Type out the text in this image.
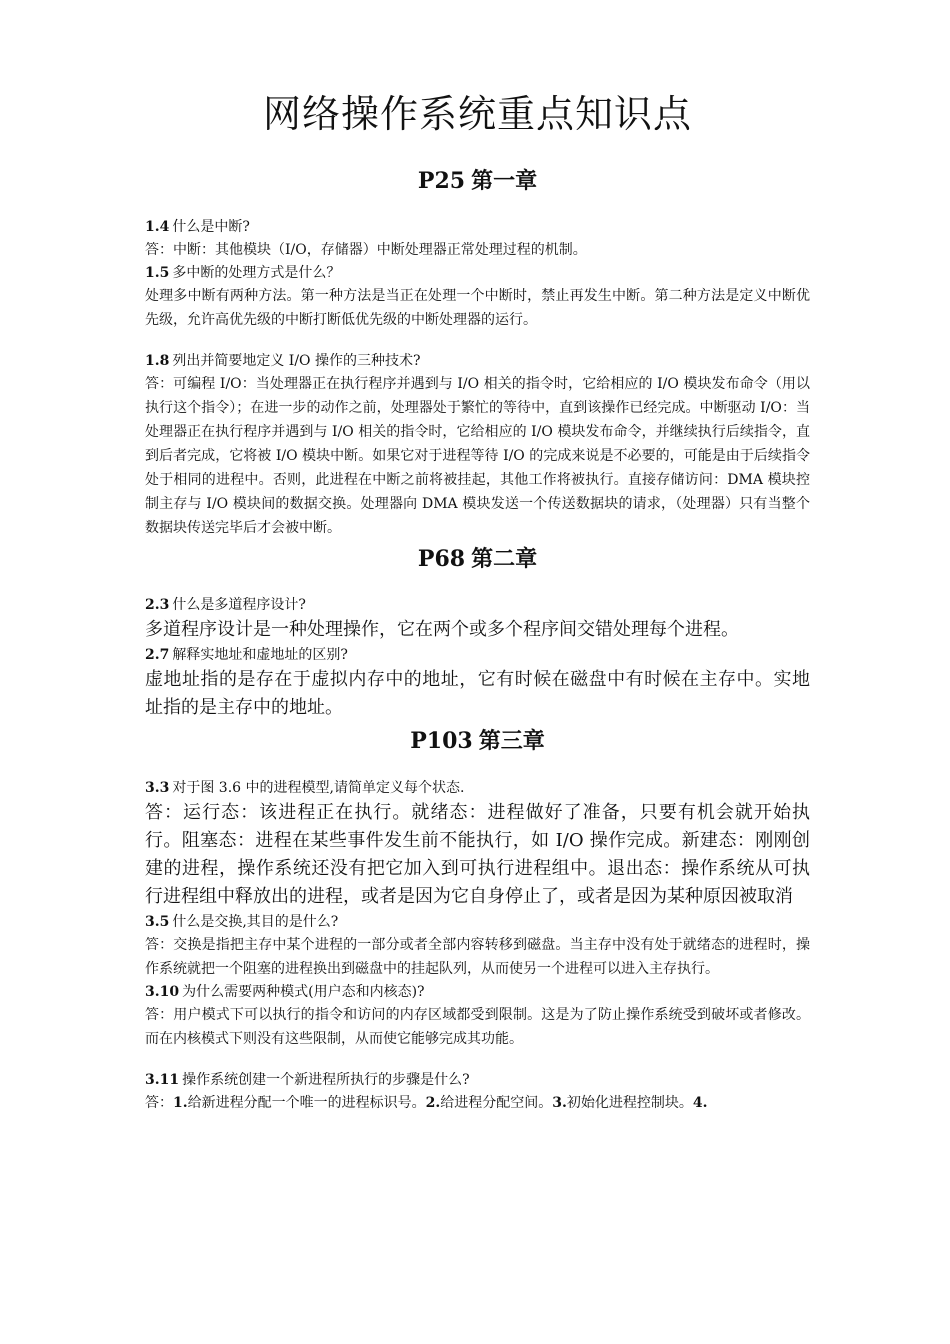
网络操作系统重点知识点
P25 第一章

1.4 什么是中断?

答：中断：其他模块（I/O，存储器）中断处理器正常处理过程的机制。

1.5 多中断的处理方式是什么？

处理多中断有两种方法。第一种方法是当正在处理一个中断时，禁止再发生中断。第二种方法是定义中断优先级，允许高优先级的中断打断低优先级的中断处理器的运行。

1.8 列出并简要地定义 I/O 操作的三种技术?

答：可编程 I/O：当处理器正在执行程序并遇到与 I/O 相关的指令时，它给相应的 I/O 模块发布命令（用以执行这个指令）；在进一步的动作之前，处理器处于繁忙的等待中，直到该操作已经完成。中断驱动 I/O：当处理器正在执行程序并遇到与 I/O 相关的指令时，它给相应的 I/O 模块发布命令，并继续执行后续指令，直到后者完成，它将被 I/O 模块中断。如果它对于进程等待 I/O 的完成来说是不必要的，可能是由于后续指令处于相同的进程中。否则，此进程在中断之前将被挂起，其他工作将被执行。直接存储访问：DMA 模块控制主存与 I/O 模块间的数据交换。处理器向 DMA 模块发送一个传送数据块的请求，（处理器）只有当整个数据块传送完毕后才会被中断。

P68 第二章

2.3 什么是多道程序设计?

多道程序设计是一种处理操作，它在两个或多个程序间交错处理每个进程。

2.7 解释实地址和虚地址的区别?

虚地址指的是存在于虚拟内存中的地址，它有时候在磁盘中有时候在主存中。实地址指的是主存中的地址。

P103 第三章

3.3 对于图 3.6 中的进程模型,请简单定义每个状态.

答：运行态：该进程正在执行。就绪态：进程做好了准备，只要有机会就开始执行。阻塞态：进程在某些事件发生前不能执行，如 I/O 操作完成。新建态：刚刚创建的进程，操作系统还没有把它加入到可执行进程组中。退出态：操作系统从可执行进程组中释放出的进程，或者是因为它自身停止了，或者是因为某种原因被取消

3.5 什么是交换,其目的是什么?

答：交换是指把主存中某个进程的一部分或者全部内容转移到磁盘。当主存中没有处于就绪态的进程时，操作系统就把一个阻塞的进程换出到磁盘中的挂起队列，从而使另一个进程可以进入主存执行。

3.10 为什么需要两种模式(用户态和内核态)?

答：用户模式下可以执行的指令和访问的内存区域都受到限制。这是为了防止操作系统受到破坏或者修改。而在内核模式下则没有这些限制，从而使它能够完成其功能。

3.11 操作系统创建一个新进程所执行的步骤是什么?

答：1.给新进程分配一个唯一的进程标识号。2.给进程分配空间。3.初始化进程控制块。4.
